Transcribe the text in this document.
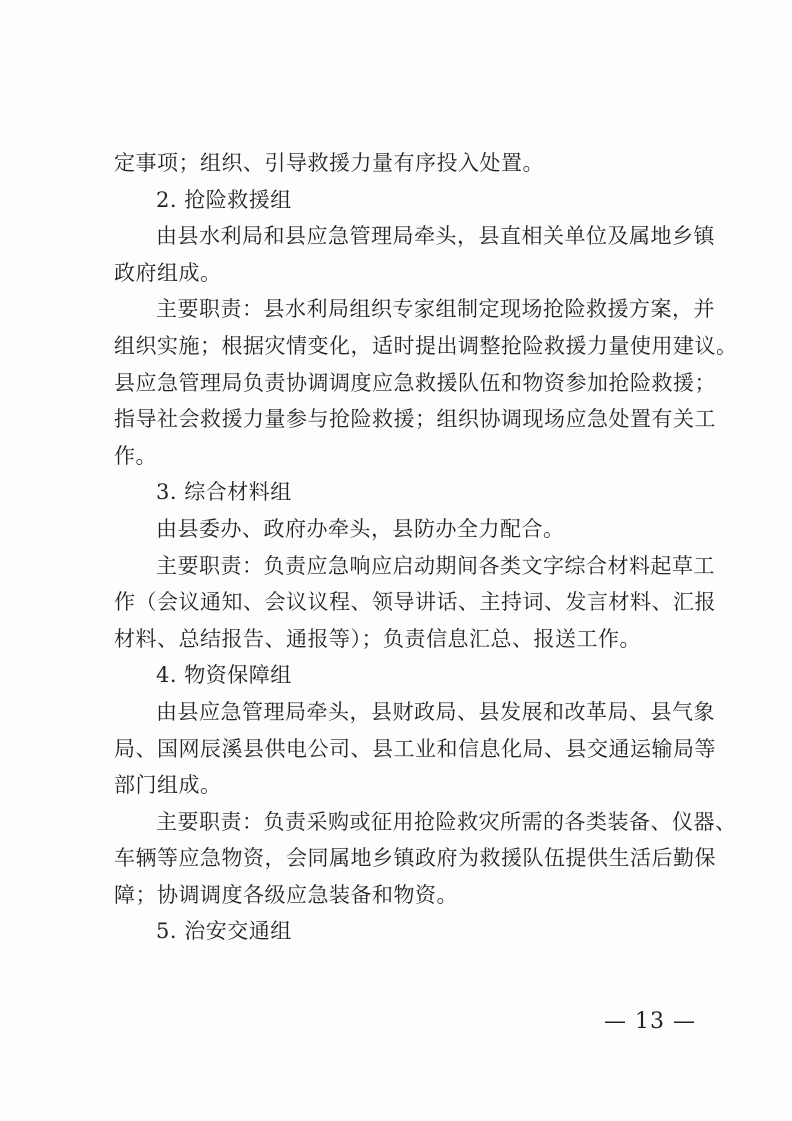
定事项；组织、引导救援力量有序投入处置。
2. 抢险救援组
由县水利局和县应急管理局牵头，县直相关单位及属地乡镇
政府组成。
主要职责：县水利局组织专家组制定现场抢险救援方案，并
组织实施；根据灾情变化，适时提出调整抢险救援力量使用建议。
县应急管理局负责协调调度应急救援队伍和物资参加抢险救援；
指导社会救援力量参与抢险救援；组织协调现场应急处置有关工
作。
3. 综合材料组
由县委办、政府办牵头，县防办全力配合。
主要职责：负责应急响应启动期间各类文字综合材料起草工
作（会议通知、会议议程、领导讲话、主持词、发言材料、汇报
材料、总结报告、通报等）；负责信息汇总、报送工作。
4. 物资保障组
由县应急管理局牵头，县财政局、县发展和改革局、县气象
局、国网辰溪县供电公司、县工业和信息化局、县交通运输局等
部门组成。
主要职责：负责采购或征用抢险救灾所需的各类装备、仪器、
车辆等应急物资，会同属地乡镇政府为救援队伍提供生活后勤保
障；协调调度各级应急装备和物资。
5. 治安交通组
— 13 —
